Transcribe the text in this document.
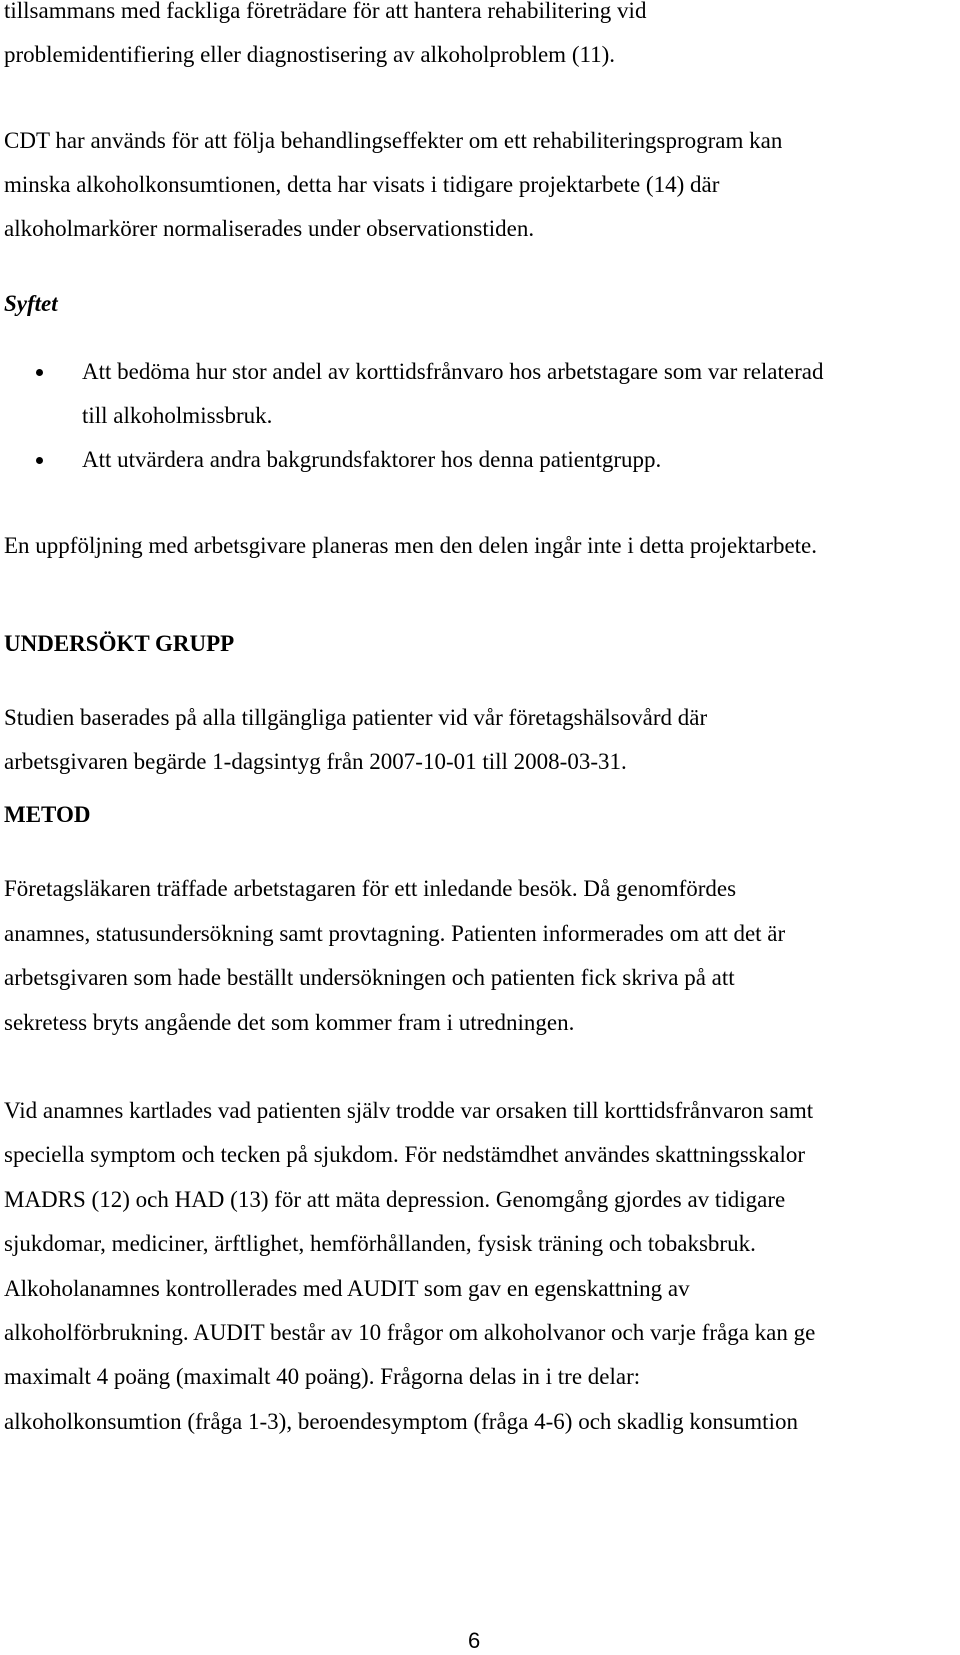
tillsammans med fackliga företrädare för att hantera rehabilitering vid
problemidentifiering eller diagnostisering av alkoholproblem (11).
CDT har används för att följa behandlingseffekter om ett rehabiliteringsprogram kan
minska alkoholkonsumtionen, detta har visats i tidigare projektarbete (14) där
alkoholmarkörer normaliserades under observationstiden.
Syftet
Att bedöma hur stor andel av korttidsfrånvaro hos arbetstagare som var relaterad
till alkoholmissbruk.
Att utvärdera andra bakgrundsfaktorer hos denna patientgrupp.
En uppföljning med arbetsgivare planeras men den delen ingår inte i detta projektarbete.
UNDERSÖKT GRUPP
Studien baserades på alla tillgängliga patienter vid vår företagshälsovård där
arbetsgivaren begärde 1-dagsintyg från 2007-10-01 till 2008-03-31.
METOD
Företagsläkaren träffade arbetstagaren för ett inledande besök. Då genomfördes
anamnes, statusundersökning samt provtagning. Patienten informerades om att det är
arbetsgivaren som hade beställt undersökningen och patienten fick skriva på att
sekretess bryts angående det som kommer fram i utredningen.
Vid anamnes kartlades vad patienten själv trodde var orsaken till korttidsfrånvaron samt
speciella symptom och tecken på sjukdom. För nedstämdhet användes skattningsskalor
MADRS (12) och HAD (13) för att mäta depression. Genomgång gjordes av tidigare
sjukdomar, mediciner, ärftlighet, hemförhållanden, fysisk träning och tobaksbruk.
Alkoholanamnes kontrollerades med AUDIT som gav en egenskattning av
alkoholförbrukning. AUDIT består av 10 frågor om alkoholvanor och varje fråga kan ge
maximalt 4 poäng (maximalt 40 poäng). Frågorna delas in i tre delar:
alkoholkonsumtion (fråga 1-3), beroendesymptom (fråga 4-6) och skadlig konsumtion
6
